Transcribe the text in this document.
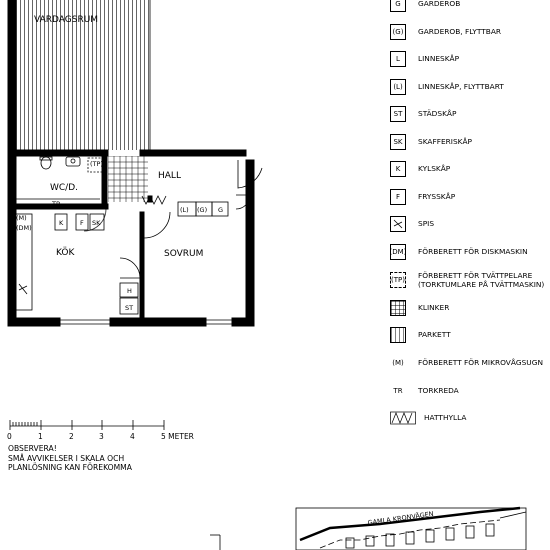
VARDAGSRUM
WC/D.
HALL
KÖK	SOVRUM
(TP)
TR
(M)
(DM)
K	F SK
(L) (G) G
H
ST
GAMLA KRONVÄGEN
G GARDEROB
(G) GARDEROB, FLYTTBAR
L LINNESKÅP
(L) LINNESKÅP, FLYTTBART
ST STÄDSKÅP
SK SKAFFERISKÅP
K KYLSKÅP
F FRYSSKÅP
SPIS
(DM) FÖRBERETT FÖR DISKMASKIN
(TP) FÖRBERETT FÖR TVÄTTPELARE
(TORKTUMLARE PÅ TVÄTTMASKIN)
KLINKER
PARKETT
(M) FÖRBERETT FÖR MIKROVÅGSUGN
TR TORKREDA
HATTHYLLA
0	1	2	3	4	5 METER
OBSERVERA!
SMÅ AVVIKELSER I SKALA OCH
PLANLÖSNING KAN FÖREKOMMA
